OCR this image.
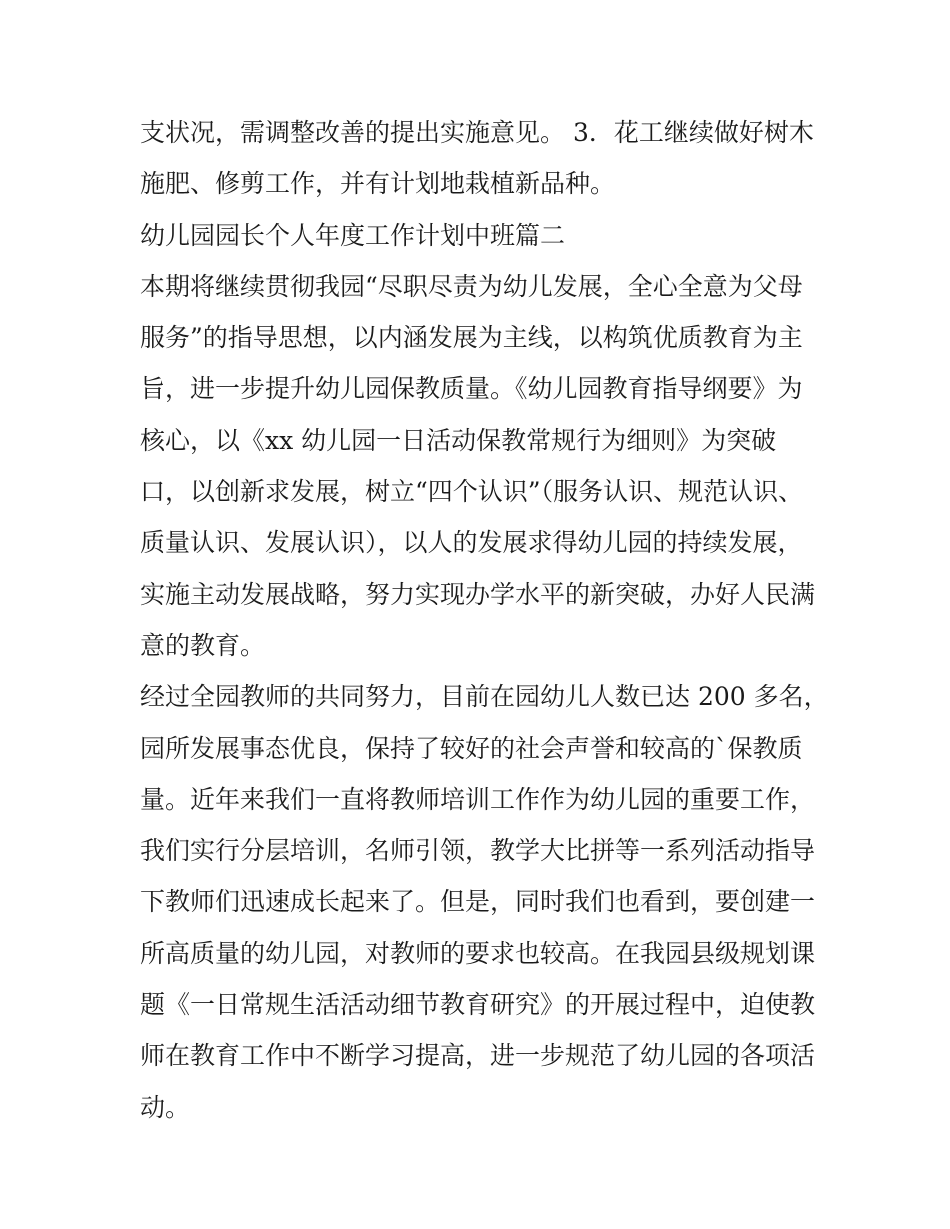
支状况，需调整改善的提出实施意见。 3．花工继续做好树木
施肥、修剪工作，并有计划地栽植新品种。
幼儿园园长个人年度工作计划中班篇二
本期将继续贯彻我园“尽职尽责为幼儿发展，全心全意为父母
服务”的指导思想，以内涵发展为主线，以构筑优质教育为主
旨，进一步提升幼儿园保教质量。《幼儿园教育指导纲要》为
核心，以《xx 幼儿园一日活动保教常规行为细则》为突破
口，以创新求发展，树立“四个认识”（服务认识、规范认识、
质量认识、发展认识），以人的发展求得幼儿园的持续发展，
实施主动发展战略，努力实现办学水平的新突破，办好人民满
意的教育。
经过全园教师的共同努力，目前在园幼儿人数已达 200 多名，
园所发展事态优良，保持了较好的社会声誉和较高的`保教质
量。近年来我们一直将教师培训工作作为幼儿园的重要工作，
我们实行分层培训，名师引领，教学大比拼等一系列活动指导
下教师们迅速成长起来了。但是，同时我们也看到，要创建一
所高质量的幼儿园，对教师的要求也较高。在我园县级规划课
题《一日常规生活活动细节教育研究》的开展过程中，迫使教
师在教育工作中不断学习提高，进一步规范了幼儿园的各项活
动。
